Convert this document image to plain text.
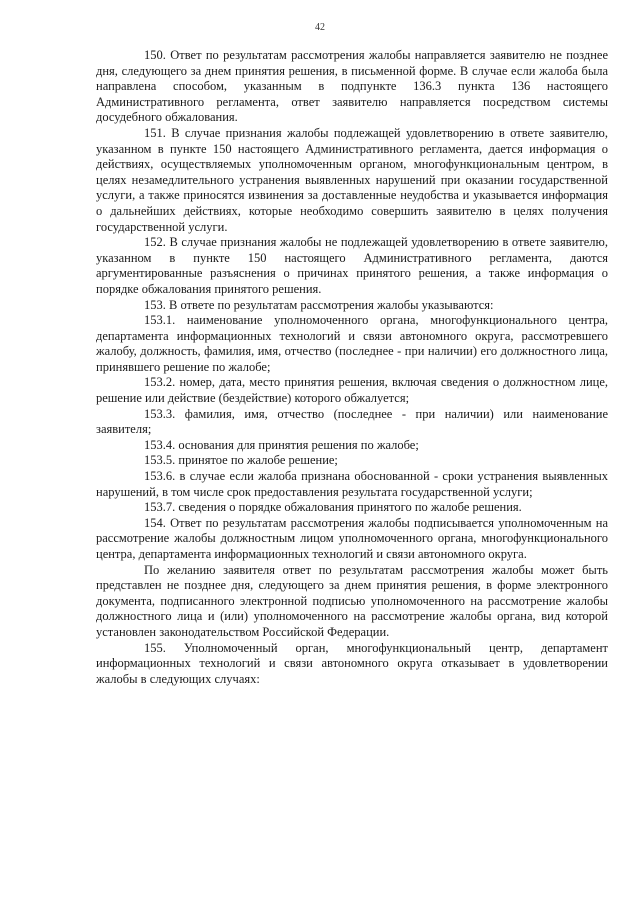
42

150. Ответ по результатам рассмотрения жалобы направляется заявителю не позднее дня, следующего за днем принятия решения, в письменной форме. В случае если жалоба была направлена способом, указанным в подпункте 136.3 пункта 136 настоящего Административного регламента, ответ заявителю направляется посредством системы досудебного обжалования.

151. В случае признания жалобы подлежащей удовлетворению в ответе заявителю, указанном в пункте 150 настоящего Административного регламента, дается информация о действиях, осуществляемых уполномоченным органом, многофункциональным центром, в целях незамедлительного устранения выявленных нарушений при оказании государственной услуги, а также приносятся извинения за доставленные неудобства и указывается информация о дальнейших действиях, которые необходимо совершить заявителю в целях получения государственной услуги.

152. В случае признания жалобы не подлежащей удовлетворению в ответе заявителю, указанном в пункте 150 настоящего Административного регламента, даются аргументированные разъяснения о причинах принятого решения, а также информация о порядке обжалования принятого решения.

153. В ответе по результатам рассмотрения жалобы указываются:

153.1. наименование уполномоченного органа, многофункционального центра, департамента информационных технологий и связи автономного округа, рассмотревшего жалобу, должность, фамилия, имя, отчество (последнее - при наличии) его должностного лица, принявшего решение по жалобе;

153.2. номер, дата, место принятия решения, включая сведения о должностном лице, решение или действие (бездействие) которого обжалуется;

153.3. фамилия, имя, отчество (последнее - при наличии) или наименование заявителя;

153.4. основания для принятия решения по жалобе;

153.5. принятое по жалобе решение;

153.6. в случае если жалоба признана обоснованной - сроки устранения выявленных нарушений, в том числе срок предоставления результата государственной услуги;

153.7. сведения о порядке обжалования принятого по жалобе решения.

154. Ответ по результатам рассмотрения жалобы подписывается уполномоченным на рассмотрение жалобы должностным лицом уполномоченного органа, многофункционального центра, департамента информационных технологий и связи автономного округа.

По желанию заявителя ответ по результатам рассмотрения жалобы может быть представлен не позднее дня, следующего за днем принятия решения, в форме электронного документа, подписанного электронной подписью уполномоченного на рассмотрение жалобы должностного лица и (или) уполномоченного на рассмотрение жалобы органа, вид которой установлен законодательством Российской Федерации.

155. Уполномоченный орган, многофункциональный центр, департамент информационных технологий и связи автономного округа отказывает в удовлетворении жалобы в следующих случаях:
